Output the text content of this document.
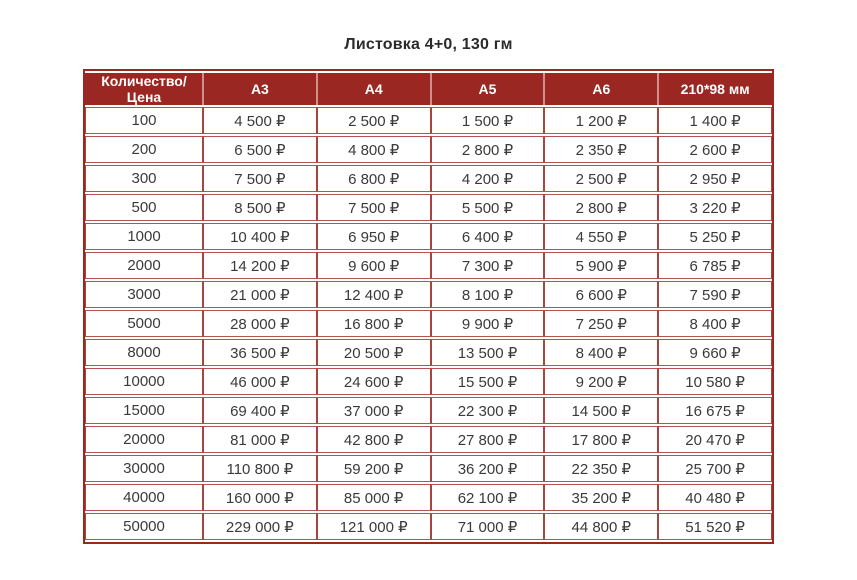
Листовка 4+0, 130 гм
Количество/Цена	А3	А4	А5	А6	210*98 мм
100	4 500 ₽	2 500 ₽	1 500 ₽	1 200 ₽	1 400 ₽
200	6 500 ₽	4 800 ₽	2 800 ₽	2 350 ₽	2 600 ₽
300	7 500 ₽	6 800 ₽	4 200 ₽	2 500 ₽	2 950 ₽
500	8 500 ₽	7 500 ₽	5 500 ₽	2 800 ₽	3 220 ₽
1000	10 400 ₽	6 950 ₽	6 400 ₽	4 550 ₽	5 250 ₽
2000	14 200 ₽	9 600 ₽	7 300 ₽	5 900 ₽	6 785 ₽
3000	21 000 ₽	12 400 ₽	8 100 ₽	6 600 ₽	7 590 ₽
5000	28 000 ₽	16 800 ₽	9 900 ₽	7 250 ₽	8 400 ₽
8000	36 500 ₽	20 500 ₽	13 500 ₽	8 400 ₽	9 660 ₽
10000	46 000 ₽	24 600 ₽	15 500 ₽	9 200 ₽	10 580 ₽
15000	69 400 ₽	37 000 ₽	22 300 ₽	14 500 ₽	16 675 ₽
20000	81 000 ₽	42 800 ₽	27 800 ₽	17 800 ₽	20 470 ₽
30000	110 800 ₽	59 200 ₽	36 200 ₽	22 350 ₽	25 700 ₽
40000	160 000 ₽	85 000 ₽	62 100 ₽	35 200 ₽	40 480 ₽
50000	229 000 ₽	121 000 ₽	71 000 ₽	44 800 ₽	51 520 ₽
